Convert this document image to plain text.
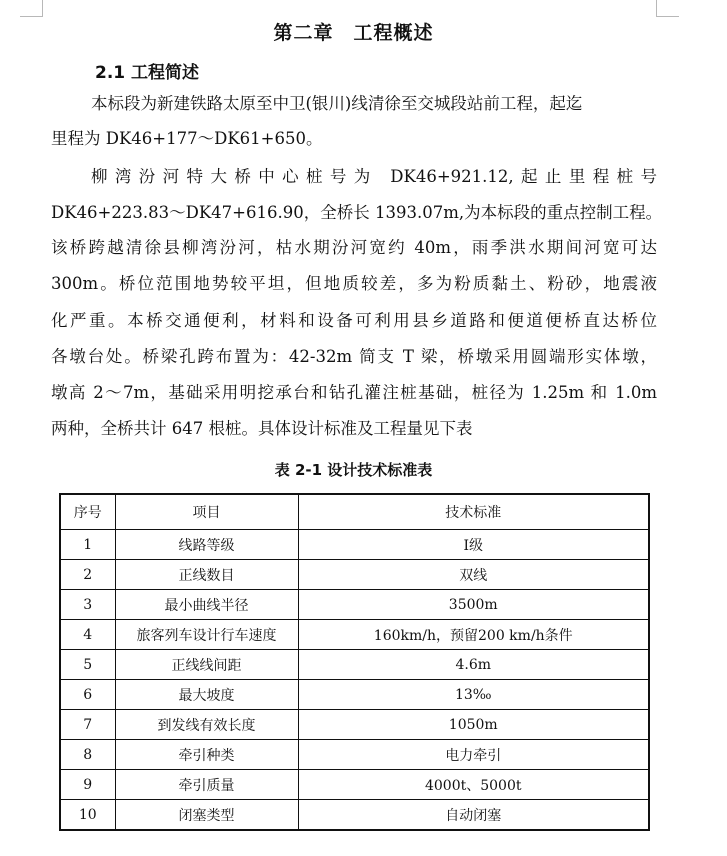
第二章　工程概述
2.1 工程简述

本标段为新建铁路太原至中卫(银川)线清徐至交城段站前工程，起迄

里程为 DK46+177～DK61+650。

柳湾汾河特大桥中心桩号为 DK46+921.12,起止里程桩号

DK46+223.83～DK47+616.90，全桥长 1393.07m,为本标段的重点控制工程。

该桥跨越清徐县柳湾汾河，枯水期汾河宽约 40m，雨季洪水期间河宽可达

300m。桥位范围地势较平坦，但地质较差，多为粉质黏土、粉砂，地震液

化严重。本桥交通便利，材料和设备可利用县乡道路和便道便桥直达桥位

各墩台处。桥梁孔跨布置为：42-32m 简支 T 梁，桥墩采用圆端形实体墩，

墩高 2～7m，基础采用明挖承台和钻孔灌注桩基础，桩径为 1.25m 和 1.0m

两种，全桥共计 647 根桩。具体设计标准及工程量见下表

表 2-1 设计技术标准表
序号	项目	技术标准
1	线路等级	Ⅰ级
2	正线数目	双线
3	最小曲线半径	3500m
4	旅客列车设计行车速度	160km/h，预留200 km/h条件
5	正线线间距	4.6m
6	最大坡度	13‰
7	到发线有效长度	1050m
8	牵引种类	电力牵引
9	牵引质量	4000t、5000t
10	闭塞类型	自动闭塞
